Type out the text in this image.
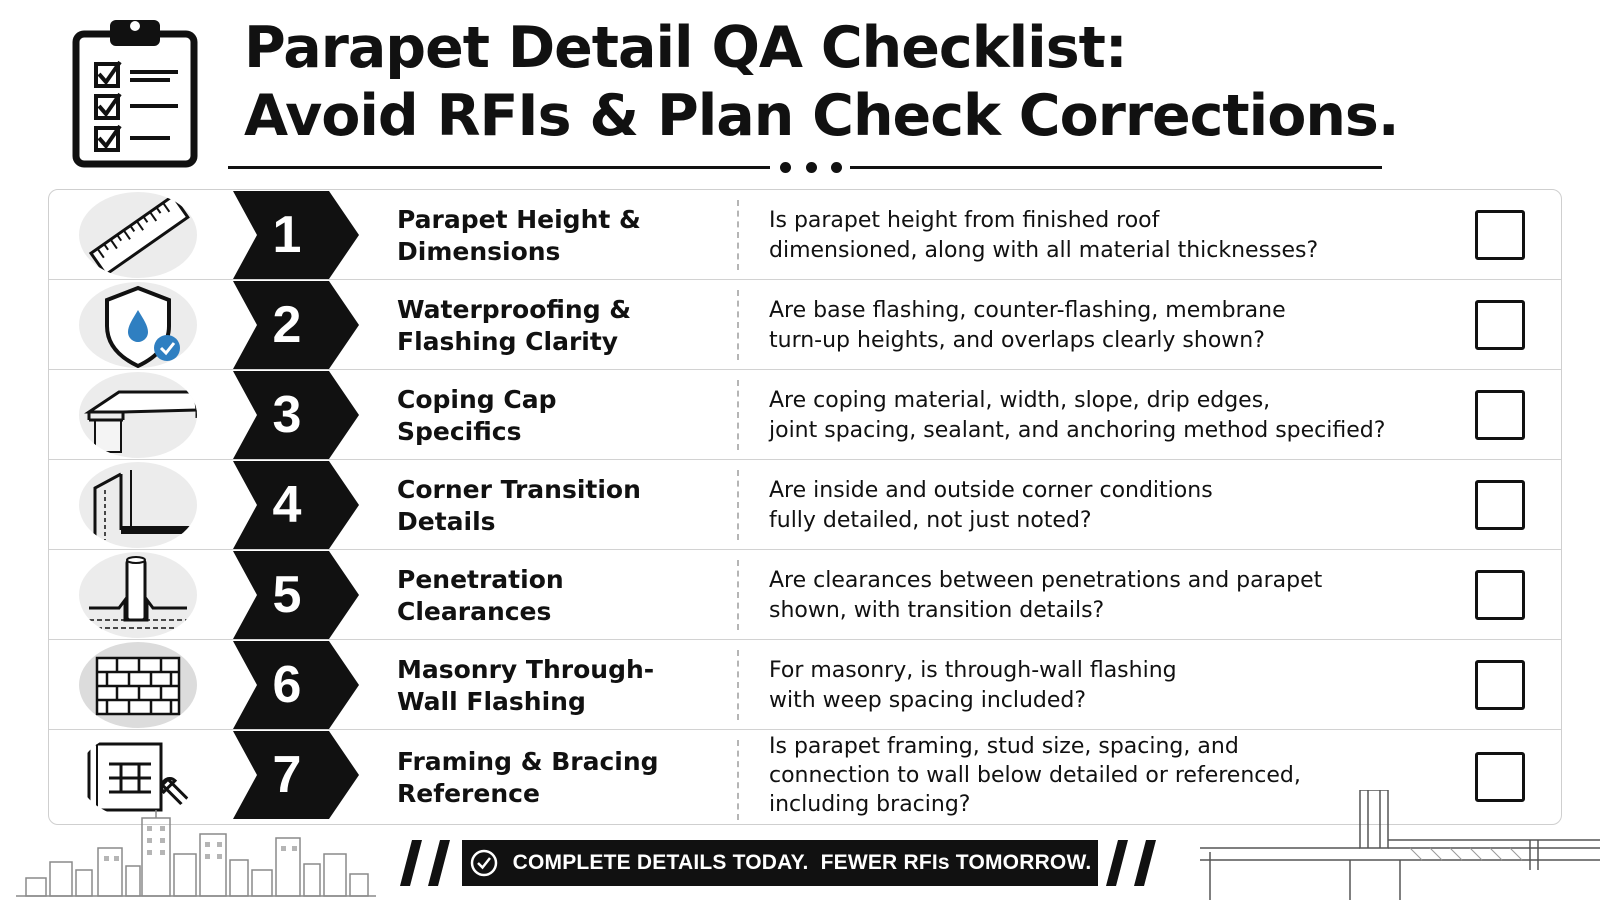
Parapet Detail QA Checklist:
Avoid RFIs & Plan Check Corrections.
1	Parapet Height &
Dimensions
Is parapet height from finished roof
dimensioned, along with all material thicknesses?
2	Waterproofing &
Flashing Clarity
Are base flashing, counter-flashing, membrane
turn-up heights, and overlaps clearly shown?
3	Coping Cap
Specifics
Are coping material, width, slope, drip edges,
joint spacing, sealant, and anchoring method specified?
4	Corner Transition
Details
Are inside and outside corner conditions
fully detailed, not just noted?
5	Penetration
Clearances
Are clearances between penetrations and parapet
shown, with transition details?
6	Masonry Through-
Wall Flashing
For masonry, is through-wall flashing
with weep spacing included?
7	Framing & Bracing
Reference
Is parapet framing, stud size, spacing, and
connection to wall below detailed or referenced,
including bracing?
COMPLETE DETAILS TODAY.  FEWER RFIs TOMORROW.
